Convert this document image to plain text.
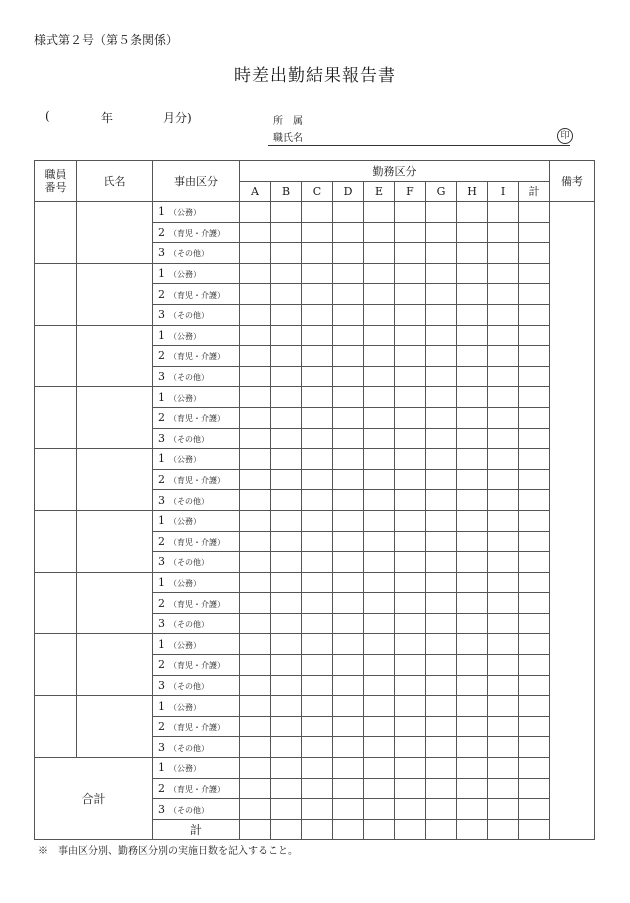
様式第２号（第５条関係）
時差出勤結果報告書
(	年	月分)	所　属
職氏名	印
職員
番号	氏名	事由区分	勤務区分										備考
			A	B	C	D	E	F	G	H	I	計	
		1 （公務）											
		2 （育児・介護）											
		3 （その他）											
		1 （公務）											
		2 （育児・介護）											
		3 （その他）											
		1 （公務）											
		2 （育児・介護）											
		3 （その他）											
		1 （公務）											
		2 （育児・介護）											
		3 （その他）											
		1 （公務）											
		2 （育児・介護）											
		3 （その他）											
		1 （公務）											
		2 （育児・介護）											
		3 （その他）											
		1 （公務）											
		2 （育児・介護）											
		3 （その他）											
		1 （公務）											
		2 （育児・介護）											
		3 （その他）											
		1 （公務）											
		2 （育児・介護）											
		3 （その他）											
合計		1 （公務）											
		2 （育児・介護）											
		3 （その他）											
		計											
※　事由区分別、勤務区分別の実施日数を記入すること。
